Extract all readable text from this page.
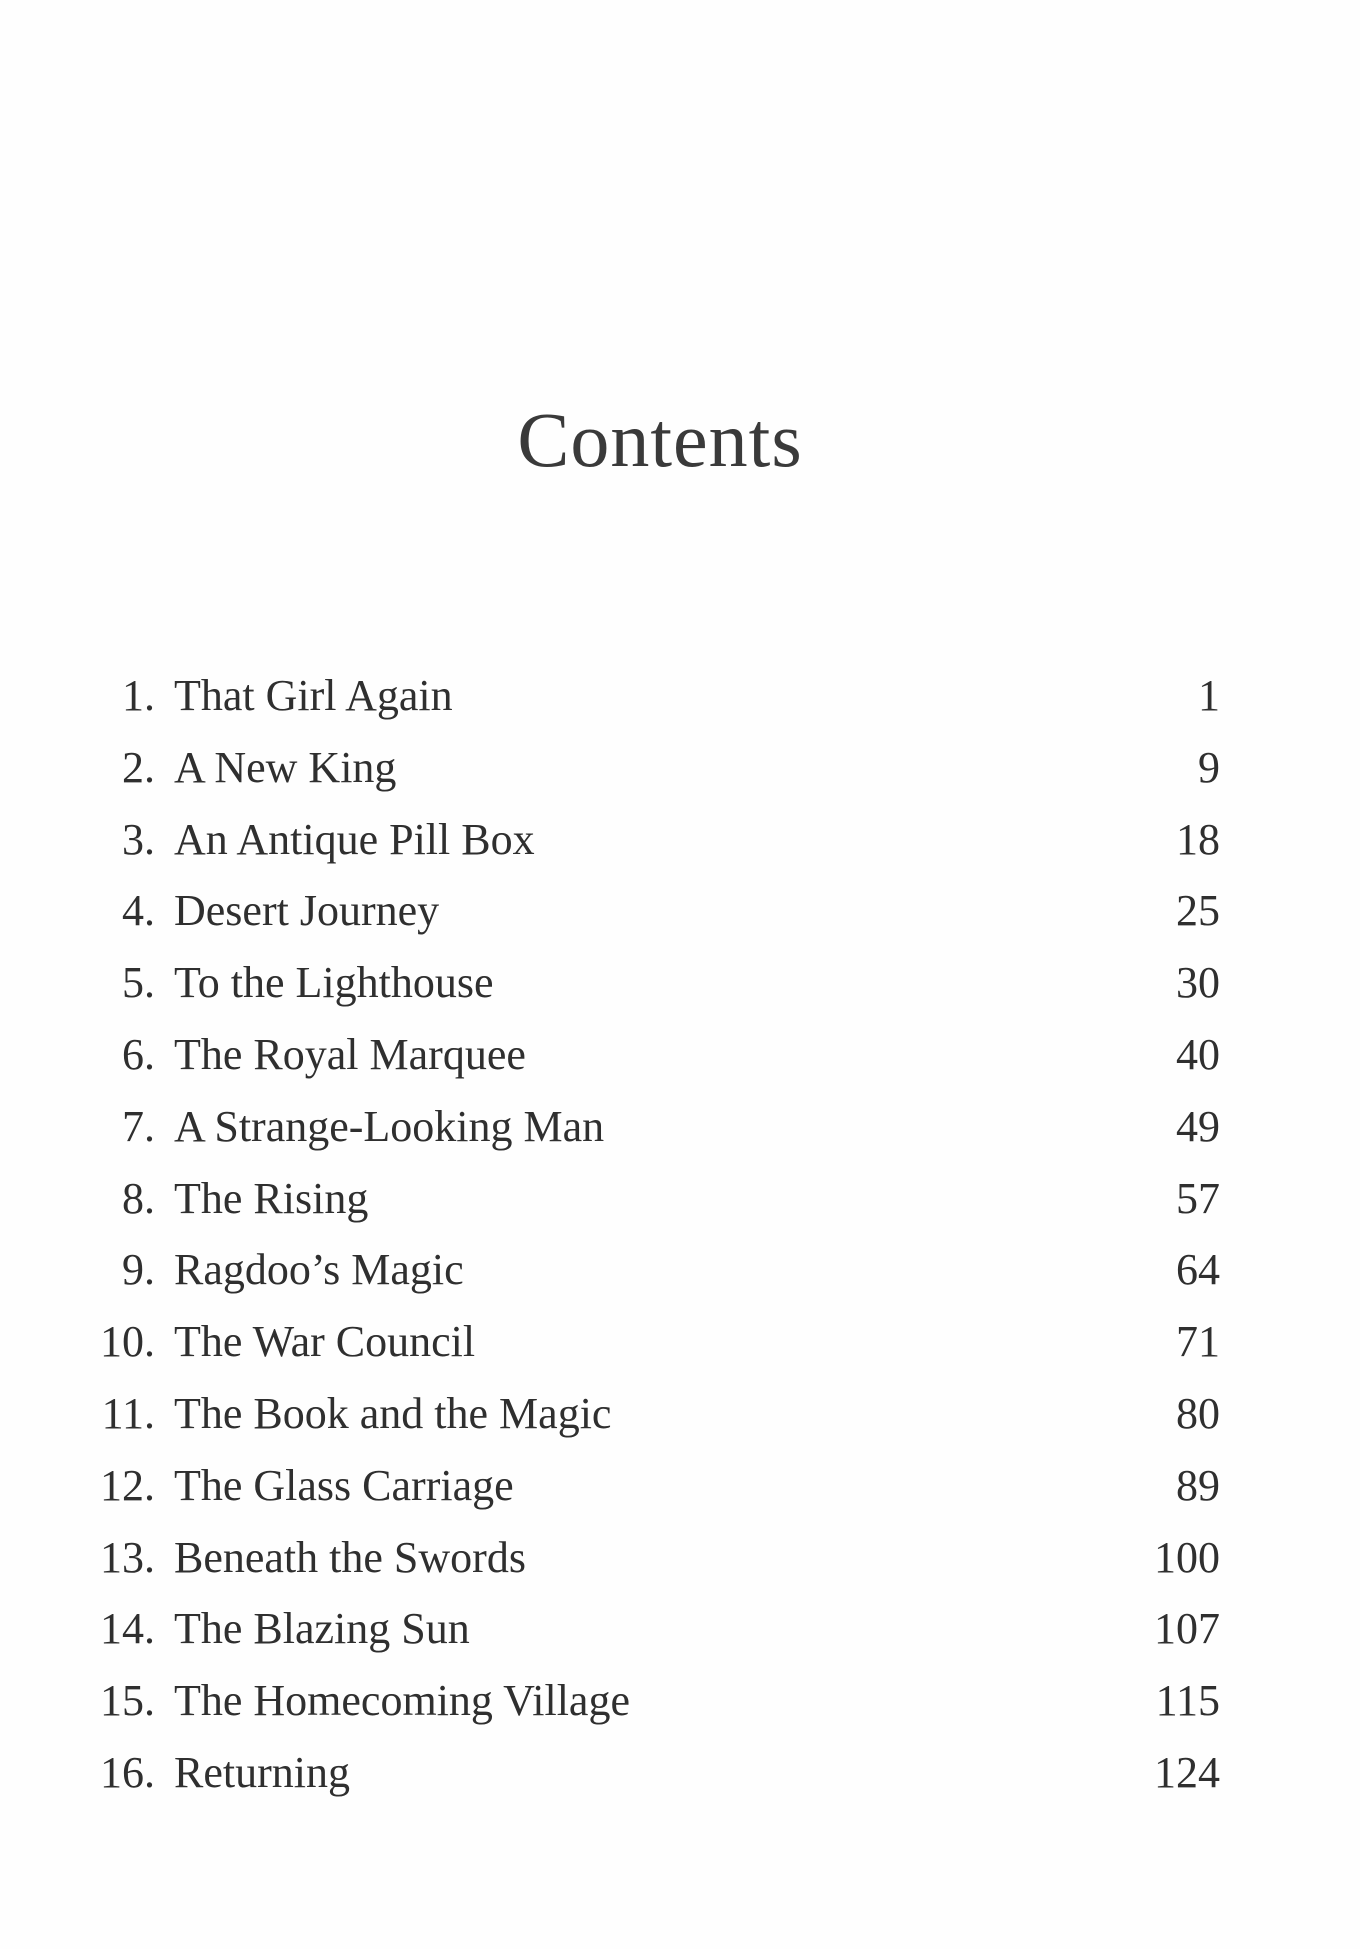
Contents
1. That Girl Again	1
2. A New King	9
3. An Antique Pill Box	18
4. Desert Journey	25
5. To the Lighthouse	30
6. The Royal Marquee	40
7. A Strange-Looking Man	49
8. The Rising	57
9. Ragdoo’s Magic	64
10. The War Council	71
11. The Book and the Magic	80
12. The Glass Carriage	89
13. Beneath the Swords	100
14. The Blazing Sun	107
15. The Homecoming Village	115
16. Returning	124
